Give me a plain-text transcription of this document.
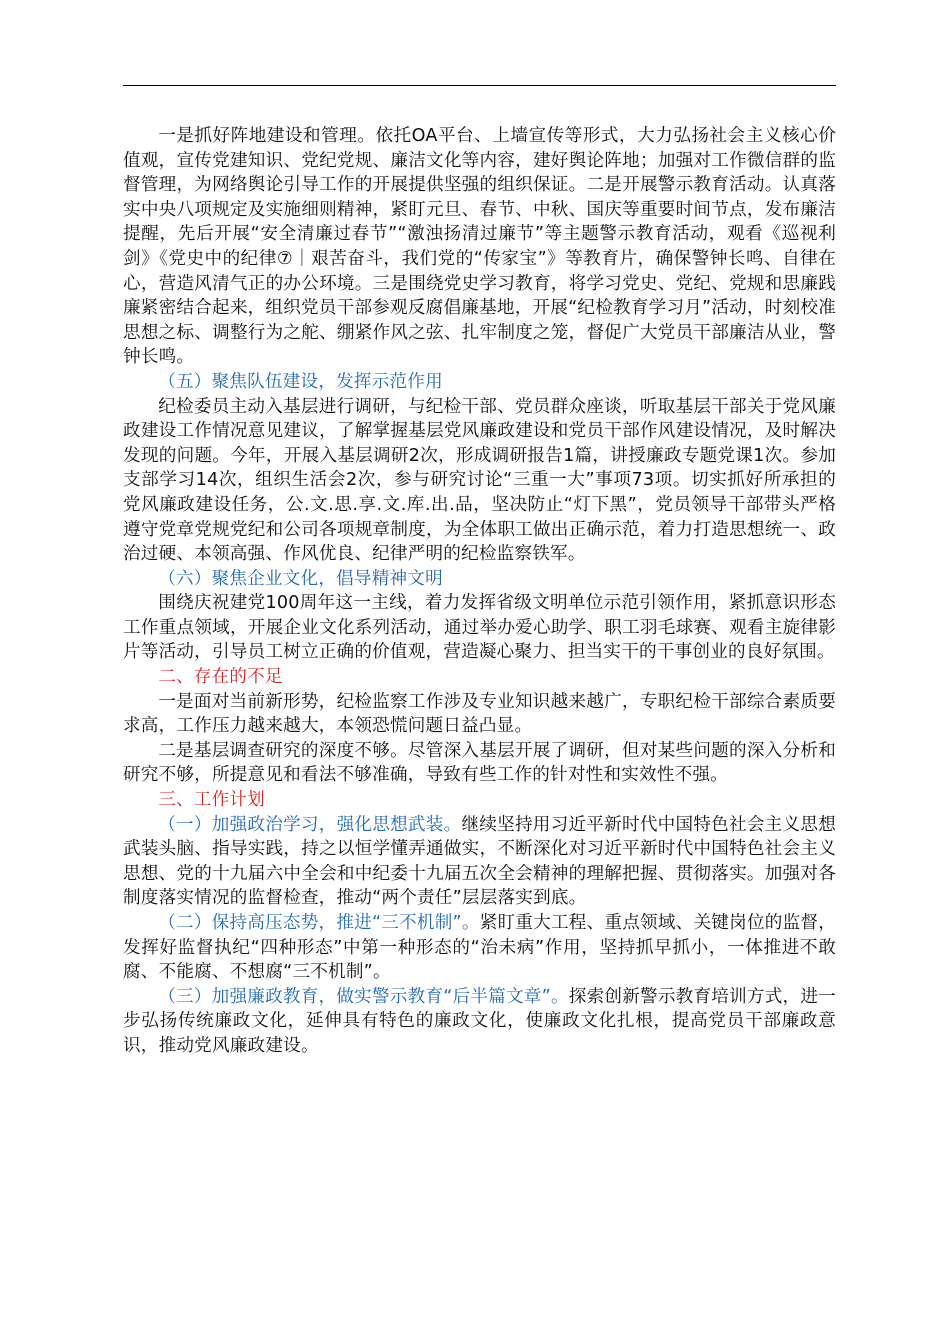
一是抓好阵地建设和管理。依托OA平台、上墙宣传等形式，大力弘扬社会主义核心价值观，宣传党建知识、党纪党规、廉洁文化等内容，建好舆论阵地；加强对工作微信群的监督管理，为网络舆论引导工作的开展提供坚强的组织保证。二是开展警示教育活动。认真落实中央八项规定及实施细则精神，紧盯元旦、春节、中秋、国庆等重要时间节点，发布廉洁提醒，先后开展“安全清廉过春节”“激浊扬清过廉节”等主题警示教育活动，观看《巡视利剑》《党史中的纪律⑦｜艰苦奋斗，我们党的“传家宝”》等教育片，确保警钟长鸣、自律在心，营造风清气正的办公环境。三是围绕党史学习教育，将学习党史、党纪、党规和思廉践廉紧密结合起来，组织党员干部参观反腐倡廉基地，开展“纪检教育学习月”活动，时刻校准思想之标、调整行为之舵、绷紧作风之弦、扎牢制度之笼，督促广大党员干部廉洁从业，警钟长鸣。

（五）聚焦队伍建设，发挥示范作用

纪检委员主动入基层进行调研，与纪检干部、党员群众座谈，听取基层干部关于党风廉政建设工作情况意见建议，了解掌握基层党风廉政建设和党员干部作风建设情况，及时解决发现的问题。今年，开展入基层调研2次，形成调研报告1篇，讲授廉政专题党课1次。参加支部学习14次，组织生活会2次，参与研究讨论“三重一大”事项73项。切实抓好所承担的党风廉政建设任务，公.文.思.享.文.库.出.品，坚决防止“灯下黑”，党员领导干部带头严格遵守党章党规党纪和公司各项规章制度，为全体职工做出正确示范，着力打造思想统一、政治过硬、本领高强、作风优良、纪律严明的纪检监察铁军。

（六）聚焦企业文化，倡导精神文明

围绕庆祝建党100周年这一主线，着力发挥省级文明单位示范引领作用，紧抓意识形态工作重点领域，开展企业文化系列活动，通过举办爱心助学、职工羽毛球赛、观看主旋律影片等活动，引导员工树立正确的价值观，营造凝心聚力、担当实干的干事创业的良好氛围。

二、存在的不足

一是面对当前新形势，纪检监察工作涉及专业知识越来越广，专职纪检干部综合素质要求高，工作压力越来越大，本领恐慌问题日益凸显。

二是基层调查研究的深度不够。尽管深入基层开展了调研，但对某些问题的深入分析和研究不够，所提意见和看法不够准确，导致有些工作的针对性和实效性不强。

三、工作计划

（一）加强政治学习，强化思想武装。继续坚持用习近平新时代中国特色社会主义思想武装头脑、指导实践，持之以恒学懂弄通做实，不断深化对习近平新时代中国特色社会主义思想、党的十九届六中全会和中纪委十九届五次全会精神的理解把握、贯彻落实。加强对各制度落实情况的监督检查，推动“两个责任”层层落实到底。

（二）保持高压态势，推进“三不机制”。紧盯重大工程、重点领域、关键岗位的监督，发挥好监督执纪“四种形态”中第一种形态的“治未病”作用，坚持抓早抓小，一体推进不敢腐、不能腐、不想腐“三不机制”。

（三）加强廉政教育，做实警示教育“后半篇文章”。探索创新警示教育培训方式，进一步弘扬传统廉政文化，延伸具有特色的廉政文化，使廉政文化扎根，提高党员干部廉政意识，推动党风廉政建设。
